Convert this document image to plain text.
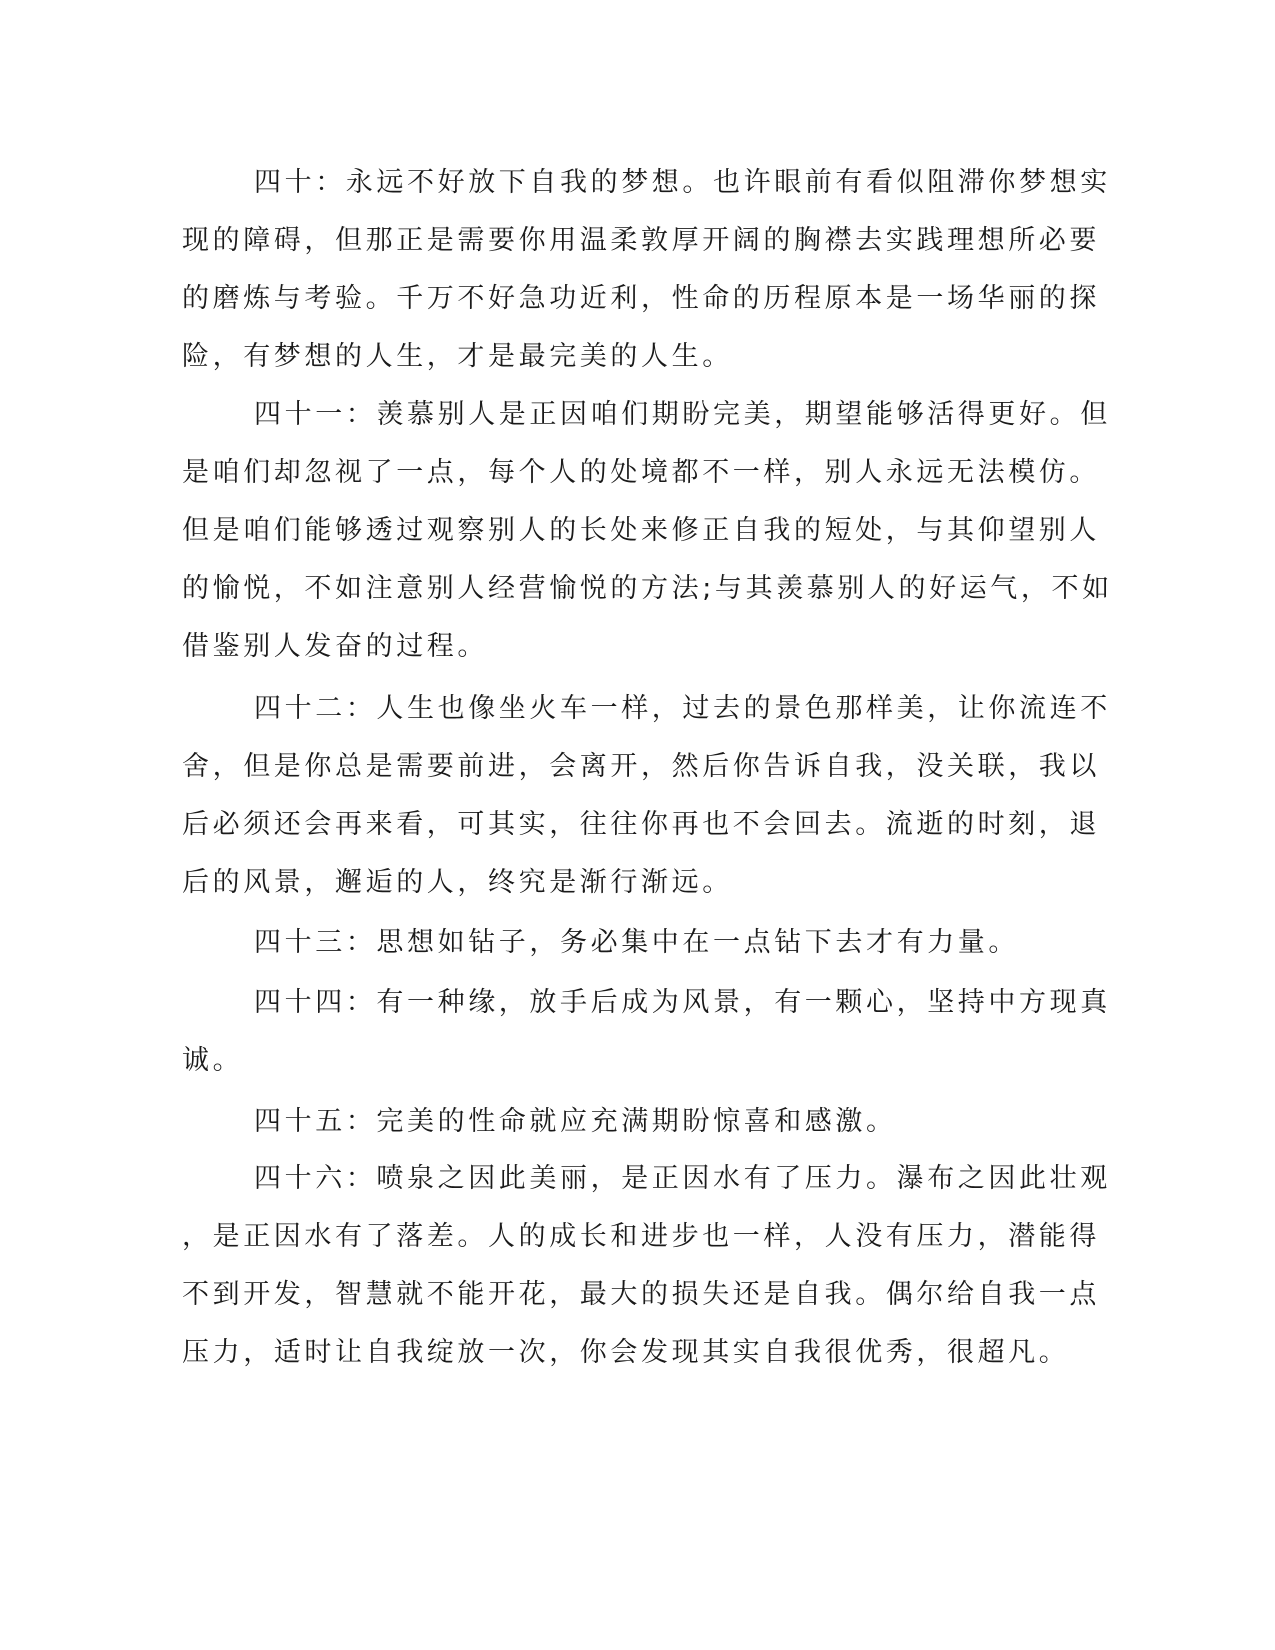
四十：永远不好放下自我的梦想。也许眼前有看似阻滞你梦想实
现的障碍，但那正是需要你用温柔敦厚开阔的胸襟去实践理想所必要
的磨炼与考验。千万不好急功近利，性命的历程原本是一场华丽的探
险，有梦想的人生，才是最完美的人生。
四十一：羡慕别人是正因咱们期盼完美，期望能够活得更好。但
是咱们却忽视了一点，每个人的处境都不一样，别人永远无法模仿。
但是咱们能够透过观察别人的长处来修正自我的短处，与其仰望别人
的愉悦，不如注意别人经营愉悦的方法;与其羡慕别人的好运气，不如
借鉴别人发奋的过程。
四十二：人生也像坐火车一样，过去的景色那样美，让你流连不
舍，但是你总是需要前进，会离开，然后你告诉自我，没关联，我以
后必须还会再来看，可其实，往往你再也不会回去。流逝的时刻，退
后的风景，邂逅的人，终究是渐行渐远。
四十三：思想如钻子，务必集中在一点钻下去才有力量。
四十四：有一种缘，放手后成为风景，有一颗心，坚持中方现真
诚。
四十五：完美的性命就应充满期盼惊喜和感激。
四十六：喷泉之因此美丽，是正因水有了压力。瀑布之因此壮观
，是正因水有了落差。人的成长和进步也一样，人没有压力，潜能得
不到开发，智慧就不能开花，最大的损失还是自我。偶尔给自我一点
压力，适时让自我绽放一次，你会发现其实自我很优秀，很超凡。
